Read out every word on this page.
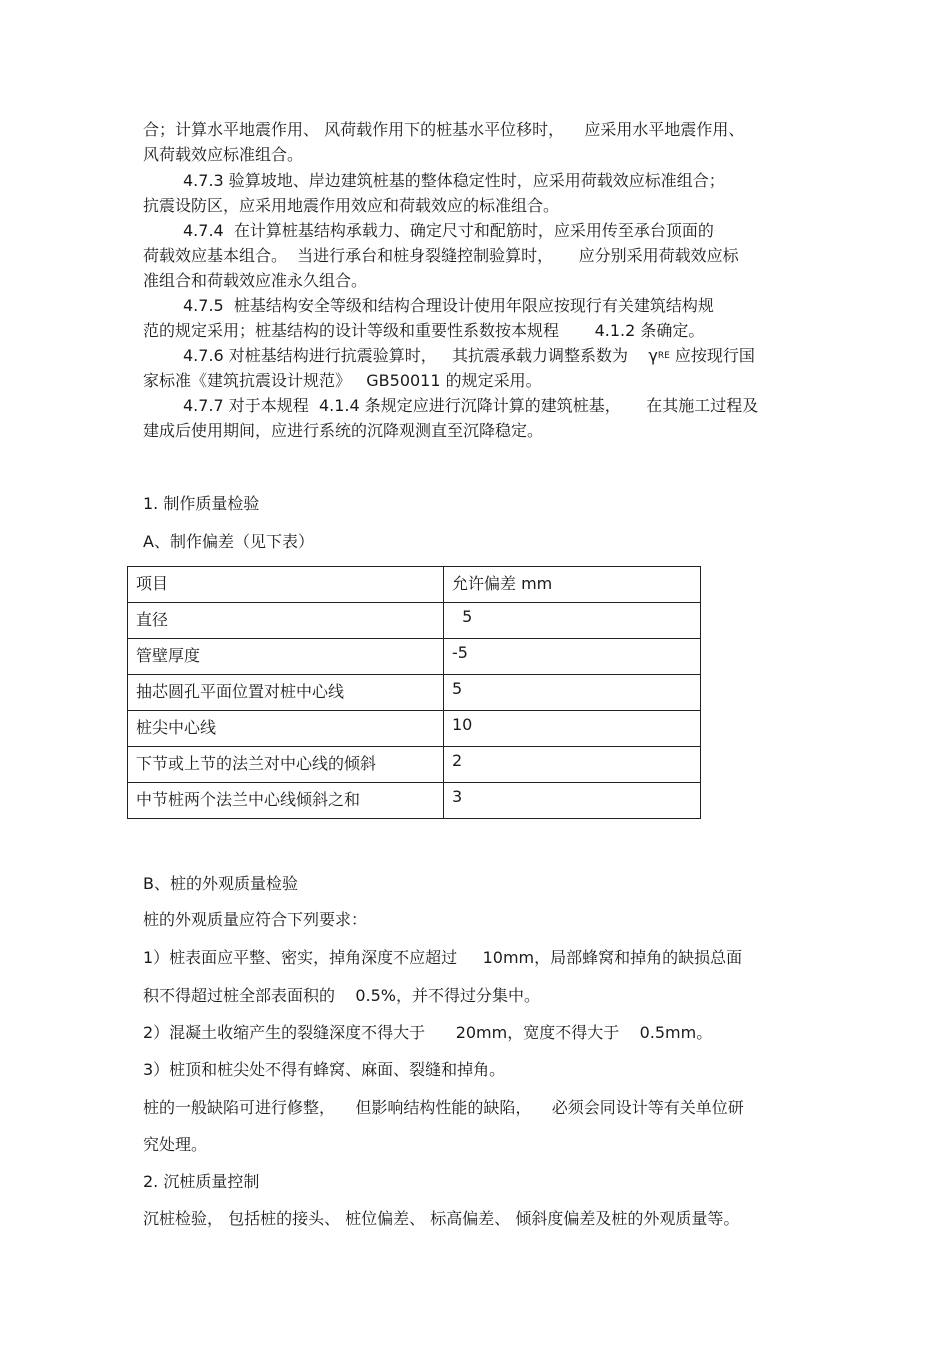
合；计算水平地震作用、 风荷载作用下的桩基水平位移时，    应采用水平地震作用、

风荷载效应标准组合。

4.7.3 验算坡地、岸边建筑桩基的整体稳定性时，应采用荷载效应标准组合；

抗震设防区，应采用地震作用效应和荷载效应的标准组合。

4.7.4  在计算桩基结构承载力、确定尺寸和配筋时，应采用传至承台顶面的

荷载效应基本组合。  当进行承台和桩身裂缝控制验算时，     应分别采用荷载效应标

准组合和荷载效应准永久组合。

4.7.5  桩基结构安全等级和结构合理设计使用年限应按现行有关建筑结构规

范的规定采用；桩基结构的设计等级和重要性系数按本规程       4.1.2 条确定。

4.7.6 对桩基结构进行抗震验算时，   其抗震承载力调整系数为    $\gamma^{RE}$ 应按现行国

家标准《建筑抗震设计规范》   GB50011 的规定采用。

4.7.7 对于本规程  4.1.4 条规定应进行沉降计算的建筑桩基，     在其施工过程及

建成后使用期间，应进行系统的沉降观测直至沉降稳定。

1. 制作质量检验

A、制作偏差（见下表）

项目	允许偏差 mm
直径	5
管壁厚度	-5
抽芯圆孔平面位置对桩中心线	5
桩尖中心线	10
下节或上节的法兰对中心线的倾斜	2
中节桩两个法兰中心线倾斜之和	3

B、桩的外观质量检验

桩的外观质量应符合下列要求：

1）桩表面应平整、密实，掉角深度不应超过     10mm，局部蜂窝和掉角的缺损总面

积不得超过桩全部表面积的    0.5%，并不得过分集中。

2）混凝土收缩产生的裂缝深度不得大于      20mm，宽度不得大于    0.5mm。

3）桩顶和桩尖处不得有蜂窝、麻面、裂缝和掉角。

桩的一般缺陷可进行修整，    但影响结构性能的缺陷，    必须会同设计等有关单位研

究处理。

2. 沉桩质量控制

沉桩检验， 包括桩的接头、 桩位偏差、 标高偏差、 倾斜度偏差及桩的外观质量等。
